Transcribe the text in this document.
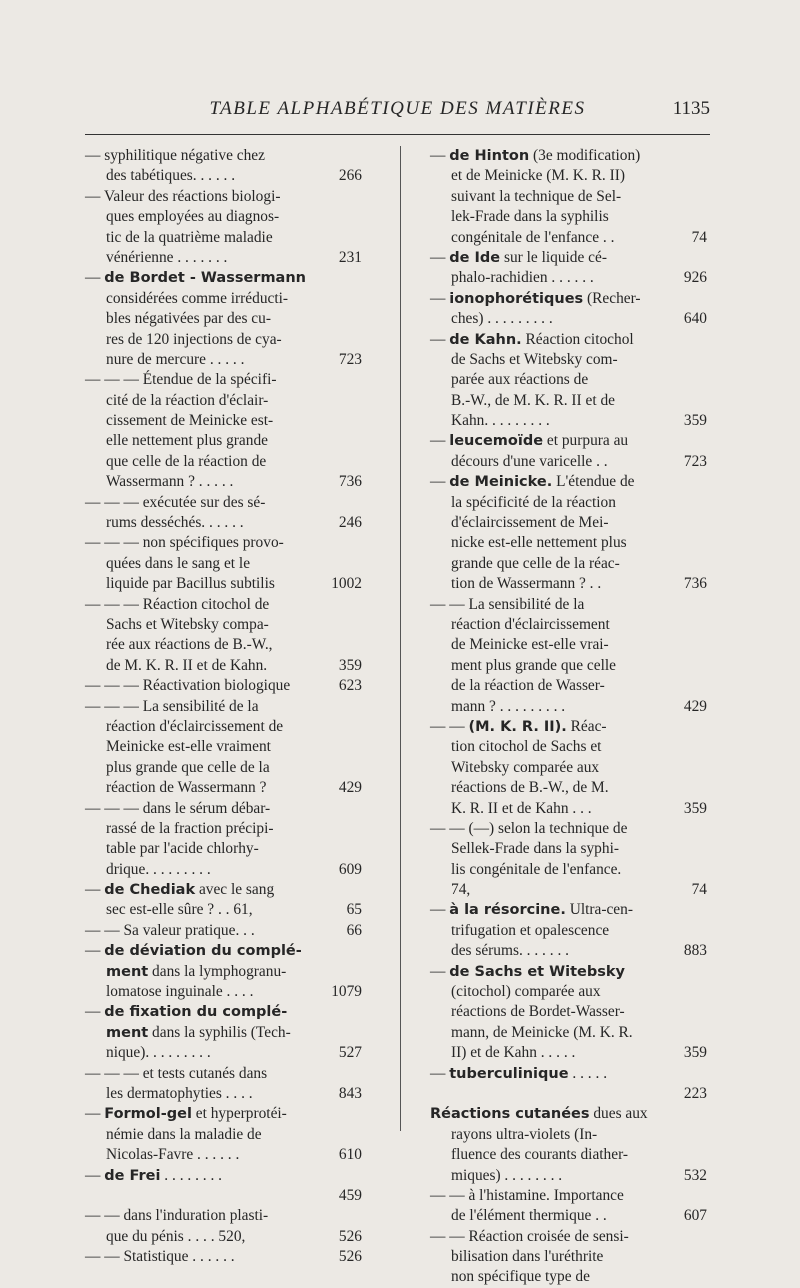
TABLE ALPHABÉTIQUE DES MATIÈRES	1135
— syphilitique négative chez
des tabétiques. . . . . .	266
— Valeur des réactions biologi-
ques employées au diagnos-
tic de la quatrième maladie
vénérienne . . . . . . .	231
— de Bordet - Wassermann
considérées comme irréducti-
bles négativées par des cu-
res de 120 injections de cya-
nure de mercure . . . . .	723
— — — Étendue de la spécifi-
cité de la réaction d'éclair-
cissement de Meinicke est-
elle nettement plus grande
que celle de la réaction de
Wassermann ? . . . . .	736
— — — exécutée sur des sé-
rums desséchés. . . . . .	246
— — — non spécifiques provo-
quées dans le sang et le
liquide par Bacillus subtilis	1002
— — — Réaction citochol de
Sachs et Witebsky compa-
rée aux réactions de B.-W.,
de M. K. R. II et de Kahn.	359
— — — Réactivation biologique	623
— — — La sensibilité de la
réaction d'éclaircissement de
Meinicke est-elle vraiment
plus grande que celle de la
réaction de Wassermann ?	429
— — — dans le sérum débar-
rassé de la fraction précipi-
table par l'acide chlorhy-
drique. . . . . . . . .	609
— de Chediak avec le sang
sec est-elle sûre ? . . 61,	65
— — Sa valeur pratique. . .	66
— de déviation du complé-
ment dans la lymphogranu-
lomatose inguinale . . . .	1079
— de fixation du complé-
ment dans la syphilis (Tech-
nique). . . . . . . . .	527
— — — et tests cutanés dans
les dermatophyties . . . .	843
— Formol-gel et hyperprotéi-
némie dans la maladie de
Nicolas-Favre . . . . . .	610
— de Frei . . . . . . . .
459
— — dans l'induration plasti-
que du pénis . . . . 520,	526
— — Statistique . . . . . .	526
— de Hinton (3e modification)
et de Meinicke (M. K. R. II)
suivant la technique de Sel-
lek-Frade dans la syphilis
congénitale de l'enfance . .	74
— de Ide sur le liquide cé-
phalo-rachidien . . . . . .	926
— ionophorétiques (Recher-
ches) . . . . . . . . .	640
— de Kahn. Réaction citochol
de Sachs et Witebsky com-
parée aux réactions de
B.-W., de M. K. R. II et de
Kahn. . . . . . . . .	359
— leucemoïde et purpura au
décours d'une varicelle . .	723
— de Meinicke. L'étendue de
la spécificité de la réaction
d'éclaircissement de Mei-
nicke est-elle nettement plus
grande que celle de la réac-
tion de Wassermann ? . .	736
— — La sensibilité de la
réaction d'éclaircissement
de Meinicke est-elle vrai-
ment plus grande que celle
de la réaction de Wasser-
mann ? . . . . . . . . .	429
— — (M. K. R. II). Réac-
tion citochol de Sachs et
Witebsky comparée aux
réactions de B.-W., de M.
K. R. II et de Kahn . . .	359
— — (—) selon la technique de
Sellek-Frade dans la syphi-
lis congénitale de l'enfance.
74,	74
— à la résorcine. Ultra-cen-
trifugation et opalescence
des sérums. . . . . . .	883
— de Sachs et Witebsky
(citochol) comparée aux
réactions de Bordet-Wasser-
mann, de Meinicke (M. K. R.
II) et de Kahn . . . . .	359
— tuberculinique . . . . .
223
Réactions cutanées dues aux
rayons ultra-violets (In-
fluence des courants diather-
miques) . . . . . . . .	532
— — à l'histamine. Importance
de l'élément thermique . .	607
— — Réaction croisée de sensi-
bilisation dans l'uréthrite
non spécifique type de
